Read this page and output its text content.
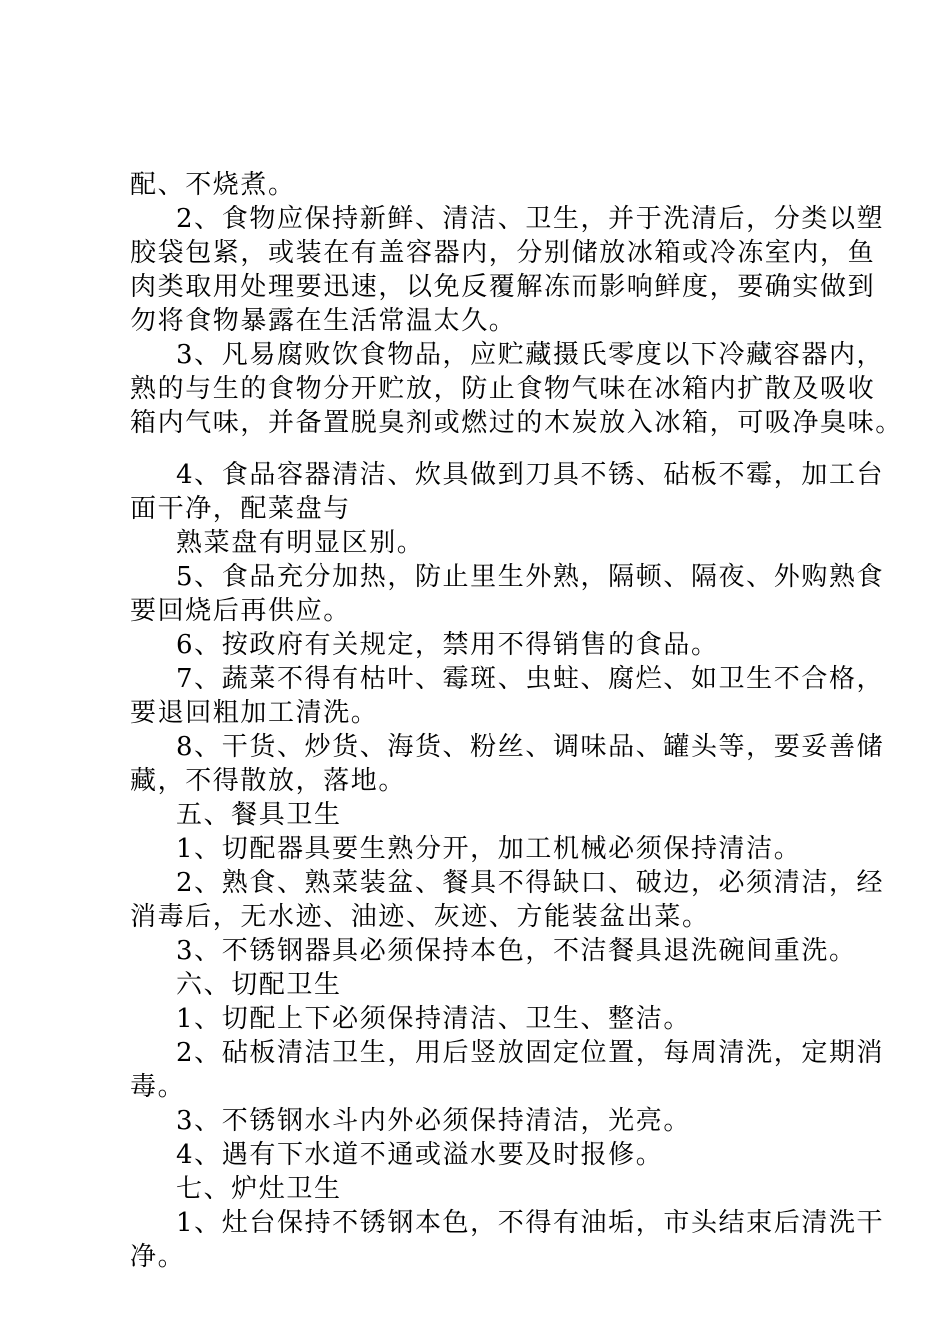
配、不烧煮。
2、食物应保持新鲜、清洁、卫生，并于洗清后，分类以塑
胶袋包紧，或装在有盖容器内，分别储放冰箱或冷冻室内，鱼
肉类取用处理要迅速，以免反覆解冻而影响鲜度，要确实做到
勿将食物暴露在生活常温太久。
3、凡易腐败饮食物品，应贮藏摄氏零度以下冷藏容器内，
熟的与生的食物分开贮放，防止食物气味在冰箱内扩散及吸收
箱内气味，并备置脱臭剂或燃过的木炭放入冰箱，可吸净臭味。
4、食品容器清洁、炊具做到刀具不锈、砧板不霉，加工台
面干净，配菜盘与
熟菜盘有明显区别。
5、食品充分加热，防止里生外熟，隔顿、隔夜、外购熟食
要回烧后再供应。
6、按政府有关规定，禁用不得销售的食品。
7、蔬菜不得有枯叶、霉斑、虫蛀、腐烂、如卫生不合格，
要退回粗加工清洗。
8、干货、炒货、海货、粉丝、调味品、罐头等，要妥善储
藏，不得散放，落地。
五、餐具卫生
1、切配器具要生熟分开，加工机械必须保持清洁。
2、熟食、熟菜装盆、餐具不得缺口、破边，必须清洁，经
消毒后，无水迹、油迹、灰迹、方能装盆出菜。
3、不锈钢器具必须保持本色，不洁餐具退洗碗间重洗。
六、切配卫生
1、切配上下必须保持清洁、卫生、整洁。
2、砧板清洁卫生，用后竖放固定位置，每周清洗，定期消
毒。
3、不锈钢水斗内外必须保持清洁，光亮。
4、遇有下水道不通或溢水要及时报修。
七、炉灶卫生
1、灶台保持不锈钢本色，不得有油垢，市头结束后清洗干
净。
